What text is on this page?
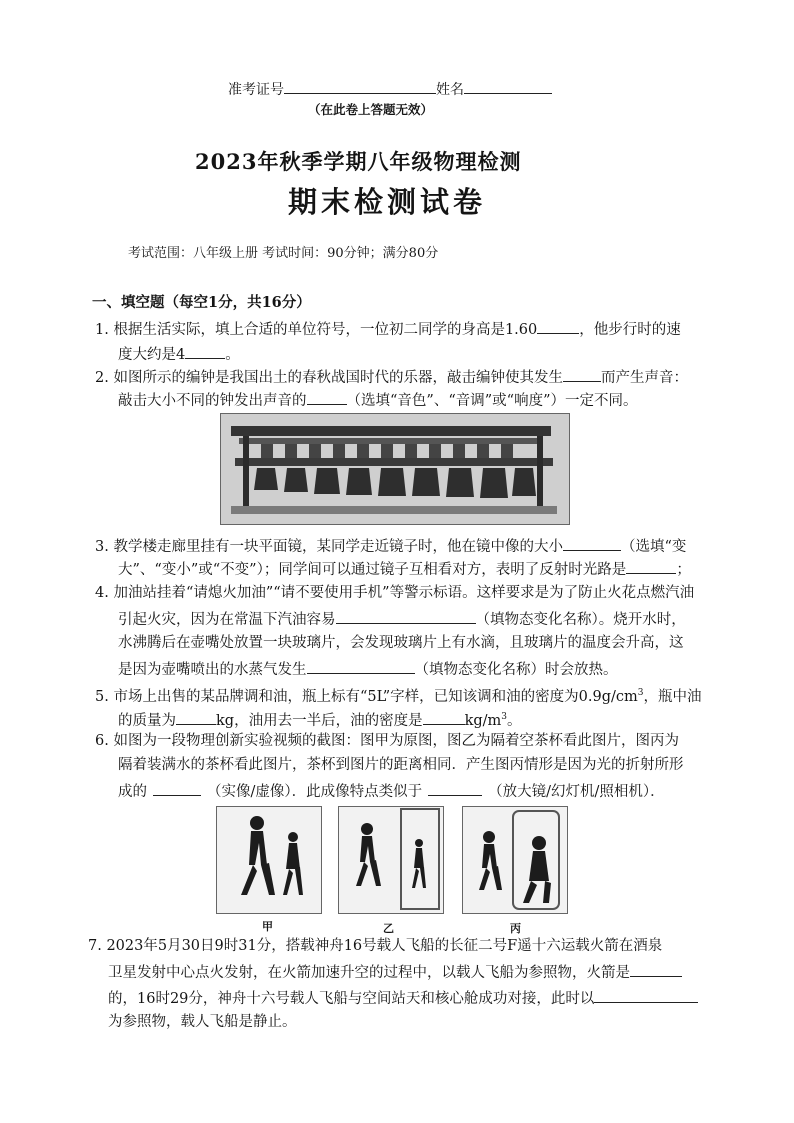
准考证号	姓名
（在此卷上答题无效）
2023年秋季学期八年级物理检测
期末检测试卷
考试范围：八年级上册 考试时间：90分钟；满分80分
一、填空题（每空1分，共16分）
1. 根据生活实际，填上合适的单位符号，一位初二同学的身高是1.60	，他步行时的速
度大约是4	。
2. 如图所示的编钟是我国出土的春秋战国时代的乐器，敲击编钟使其发生	而产生声音：
敲击大小不同的钟发出声音的	（选填“音色”、“音调”或“响度”）一定不同。
3. 教学楼走廊里挂有一块平面镜，某同学走近镜子时，他在镜中像的大小	（选填“变
大”、“变小”或“不变”）；同学间可以通过镜子互相看对方，表明了反射时光路是	；
4. 加油站挂着“请熄火加油”“请不要使用手机”等警示标语。这样要求是为了防止火花点燃汽油
引起火灾，因为在常温下汽油容易	（填物态变化名称）。烧开水时，
水沸腾后在壶嘴处放置一块玻璃片，会发现玻璃片上有水滴，且玻璃片的温度会升高，这
是因为壶嘴喷出的水蒸气发生	（填物态变化名称）时会放热。
5. 市场上出售的某品牌调和油，瓶上标有“5L”字样，已知该调和油的密度为$0.9g/cm^3$，瓶中油
的质量为	kg，油用去一半后，油的密度是	$kg/m^3$。
6. 如图为一段物理创新实验视频的截图：图甲为原图，图乙为隔着空茶杯看此图片，图丙为
隔着装满水的茶杯看此图片，茶杯到图片的距离相同．产生图丙情形是因为光的折射所形
成的	（实像/虚像）．此成像特点类似于	（放大镜/幻灯机/照相机）．
甲	乙	丙
7. 2023年5月30日9时31分，搭载神舟16号载人飞船的长征二号F遥十六运载火箭在酒泉
卫星发射中心点火发射，在火箭加速升空的过程中，以载人飞船为参照物，火箭是
的，16时29分，神舟十六号载人飞船与空间站天和核心舱成功对接，此时以
为参照物，载人飞船是静止。
